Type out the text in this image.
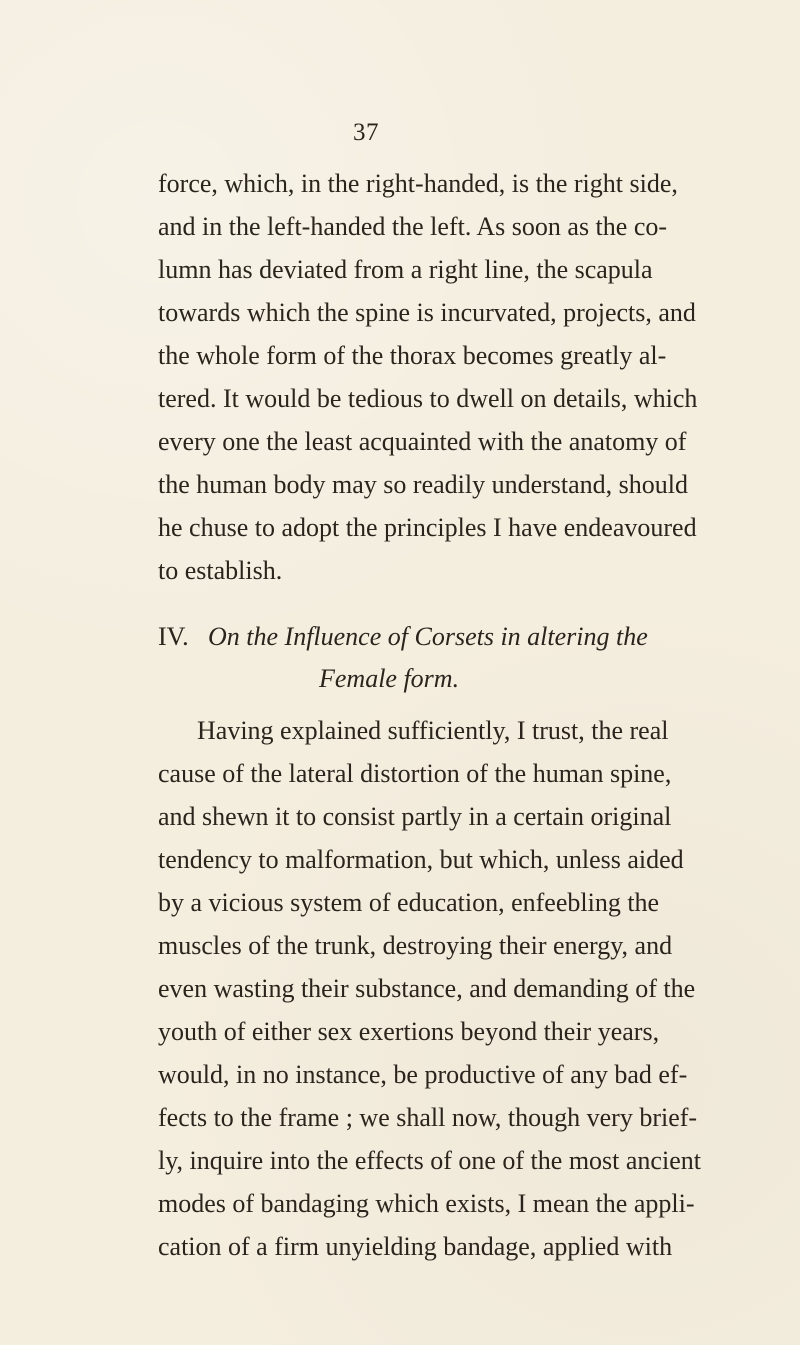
37
force, which, in the right-handed, is the right side,
and in the left-handed the left. As soon as the co-
lumn has deviated from a right line, the scapula
towards which the spine is incurvated, projects, and
the whole form of the thorax becomes greatly al-
tered. It would be tedious to dwell on details, which
every one the least acquainted with the anatomy of
the human body may so readily understand, should
he chuse to adopt the principles I have endeavoured
to establish.
IV. On the Influence of Corsets in altering the
Female form.
Having explained sufficiently, I trust, the real
cause of the lateral distortion of the human spine,
and shewn it to consist partly in a certain original
tendency to malformation, but which, unless aided
by a vicious system of education, enfeebling the
muscles of the trunk, destroying their energy, and
even wasting their substance, and demanding of the
youth of either sex exertions beyond their years,
would, in no instance, be productive of any bad ef-
fects to the frame ; we shall now, though very brief-
ly, inquire into the effects of one of the most ancient
modes of bandaging which exists, I mean the appli-
cation of a firm unyielding bandage, applied with
